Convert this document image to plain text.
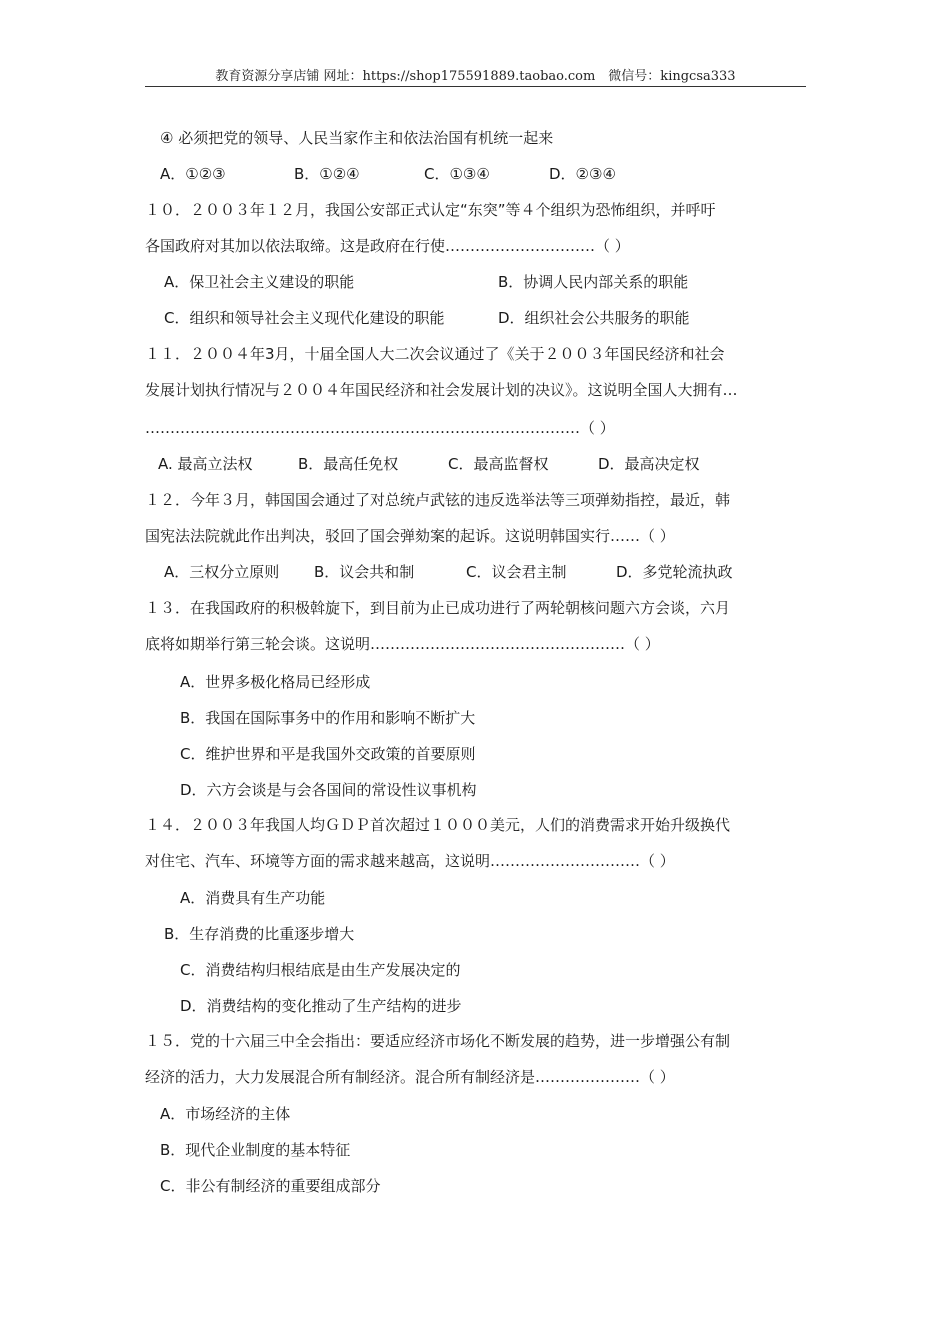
教育资源分享店铺 网址：https://shop175591889.taobao.com　微信号：kingcsa333
④ 必须把党的领导、人民当家作主和依法治国有机统一起来
A．①②③	B．①②④	C．①③④	D．②③④
１０．２００３年１２月，我国公安部正式认定“东突”等４个组织为恐怖组织，并呼吁
各国政府对其加以依法取缔。这是政府在行使…………………………（ ）
A．保卫社会主义建设的职能	B．协调人民内部关系的职能
C．组织和领导社会主义现代化建设的职能	D．组织社会公共服务的职能
１１．２００４年3月，十届全国人大二次会议通过了《关于２００３年国民经济和社会
发展计划执行情况与２００４年国民经济和社会发展计划的决议》。这说明全国人大拥有…
……………………………………………………………………………（ ）
A. 最高立法权	B．最高任免权	C．最高监督权	D．最高决定权
１２．今年３月，韩国国会通过了对总统卢武铉的违反选举法等三项弹劾指控，最近，韩
国宪法法院就此作出判决，驳回了国会弹劾案的起诉。这说明韩国实行……（ ）
A．三权分立原则 B．议会共和制	C．议会君主制	D．多党轮流执政
１３．在我国政府的积极斡旋下，到目前为止已成功进行了两轮朝核问题六方会谈，六月
底将如期举行第三轮会谈。这说明……………………………………………（ ）
A．世界多极化格局已经形成
B．我国在国际事务中的作用和影响不断扩大
C．维护世界和平是我国外交政策的首要原则
D．六方会谈是与会各国间的常设性议事机构
１４．２００３年我国人均ＧＤＰ首次超过１０００美元，人们的消费需求开始升级换代
对住宅、汽车、环境等方面的需求越来越高，这说明…………………………（ ）
A．消费具有生产功能
B．生存消费的比重逐步增大
C．消费结构归根结底是由生产发展决定的
D．消费结构的变化推动了生产结构的进步
１５．党的十六届三中全会指出：要适应经济市场化不断发展的趋势，进一步增强公有制
经济的活力，大力发展混合所有制经济。混合所有制经济是…………………（ ）
A．市场经济的主体
B．现代企业制度的基本特征
C．非公有制经济的重要组成部分
